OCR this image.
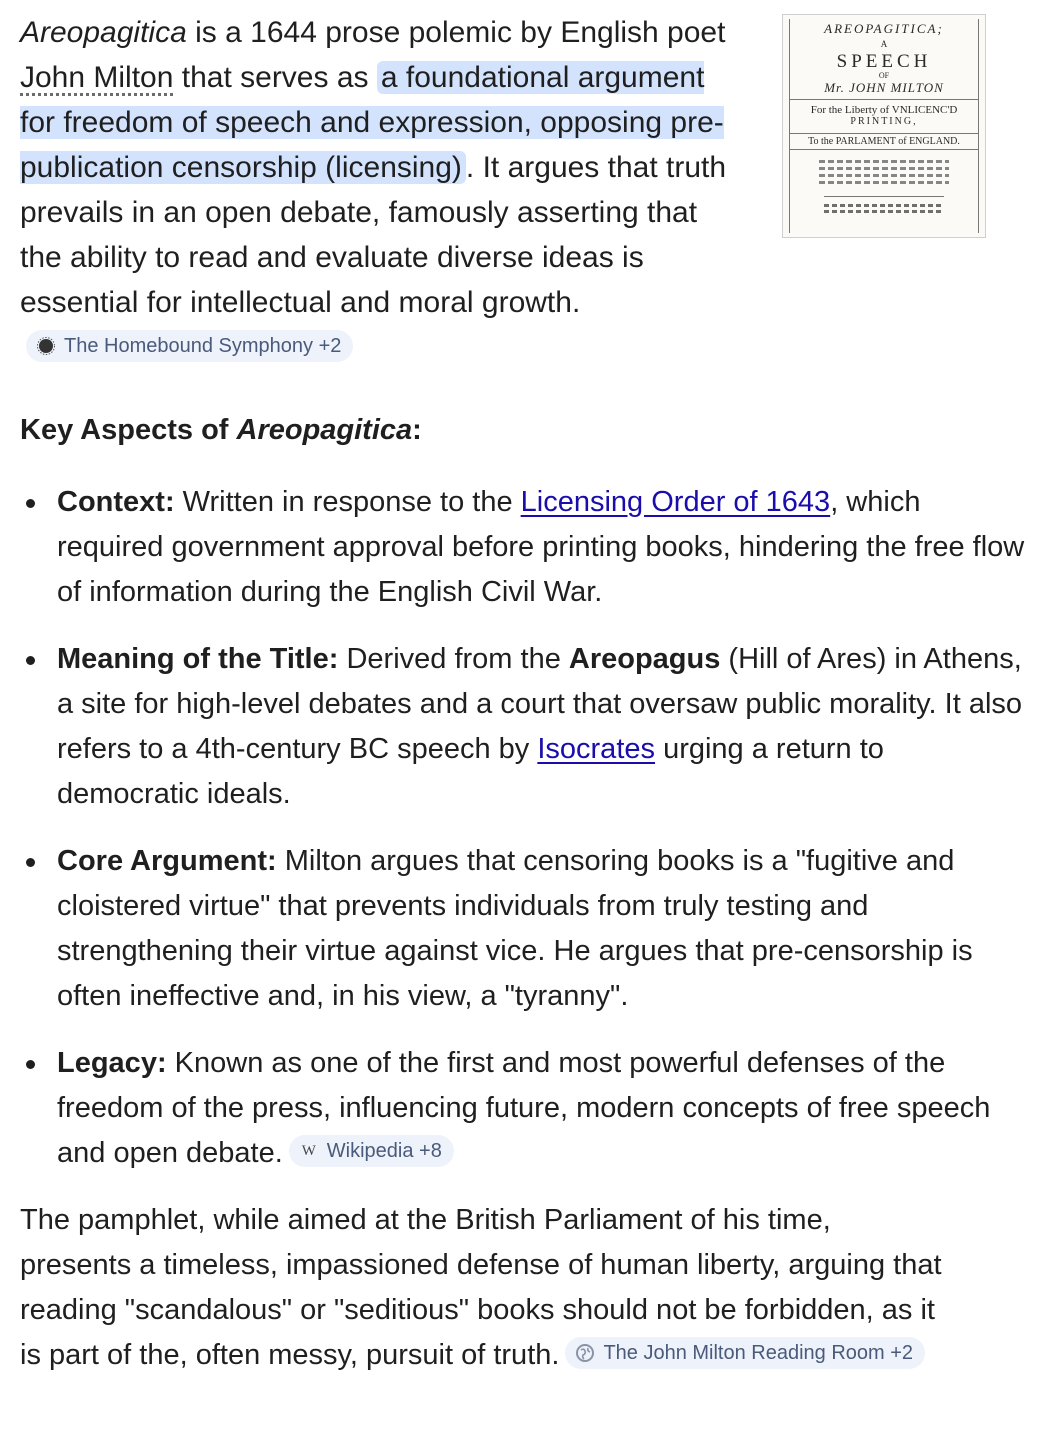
Areopagitica is a 1644 prose polemic by English poet John Milton that serves as a foundational argument for freedom of speech and expression, opposing pre-publication censorship (licensing) . It argues that truth prevails in an open debate, famously asserting that the ability to read and evaluate diverse ideas is essential for intellectual and moral growth.
The Homebound Symphony +2

AREOPAGITICA;
A
SPEECH
OF
Mr. JOHN MILTON
For the Liberty of VNLICENC'D
PRINTING,
To the PARLAMENT of ENGLAND.
Key Aspects of Areopagitica:
Context: Written in response to the Licensing Order of 1643, which required government approval before printing books, hindering the free flow of information during the English Civil War.
Meaning of the Title: Derived from the Areopagus (Hill of Ares) in Athens, a site for high-level debates and a court that oversaw public morality. It also refers to a 4th-century BC speech by Isocrates urging a return to democratic ideals.
Core Argument: Milton argues that censoring books is a "fugitive and cloistered virtue" that prevents individuals from truly testing and strengthening their virtue against vice. He argues that pre-censorship is often ineffective and, in his view, a "tyranny".
Legacy: Known as one of the first and most powerful defenses of the freedom of the press, influencing future, modern concepts of free speech and open debate. W Wikipedia +8

The pamphlet, while aimed at the British Parliament of his time, presents a timeless, impassioned defense of human liberty, arguing that reading "scandalous" or "seditious" books should not be forbidden, as it is part of the, often messy, pursuit of truth. The John Milton Reading Room +2
